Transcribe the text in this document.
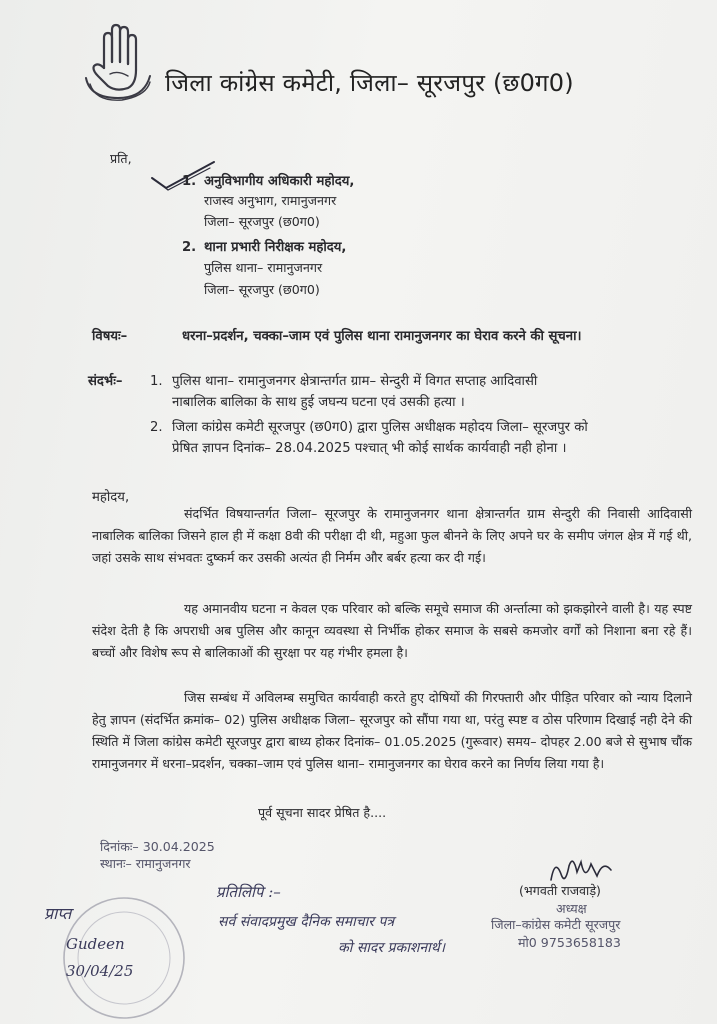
जिला कांग्रेस कमेटी, जिला– सूरजपुर (छ0ग0)
प्रति,
1. अनुविभागीय अधिकारी महोदय,
राजस्व अनुभाग, रामानुजनगर
जिला– सूरजपुर (छ0ग0)
2. थाना प्रभारी निरीक्षक महोदय,
पुलिस थाना– रामानुजनगर
जिला– सूरजपुर (छ0ग0)
विषयः–	धरना–प्रदर्शन, चक्का–जाम एवं पुलिस थाना रामानुजनगर का घेराव करने की सूचना।
संदर्भः– 1. पुलिस थाना– रामानुजनगर क्षेत्रान्तर्गत ग्राम– सेन्दुरी में विगत सप्ताह आदिवासी
नाबालिक बालिका के साथ हुई जघन्य घटना एवं उसकी हत्या ।
2. जिला कांग्रेस कमेटी सूरजपुर (छ0ग0) द्वारा पुलिस अधीक्षक महोदय जिला– सूरजपुर को
प्रेषित ज्ञापन दिनांक– 28.04.2025 पश्चात् भी कोई सार्थक कार्यवाही नही होना ।
महोदय,
संदर्भित विषयान्तर्गत जिला– सूरजपुर के रामानुजनगर थाना क्षेत्रान्तर्गत ग्राम सेन्दुरी की निवासी आदिवासी नाबालिक बालिका जिसने हाल ही में कक्षा 8वी की परीक्षा दी थी, महुआ फुल बीनने के लिए अपने घर के समीप जंगल क्षेत्र में गई थी, जहां उसके साथ संभवतः दुष्कर्म कर उसकी अत्यंत ही निर्मम और बर्बर हत्या कर दी गई।
यह अमानवीय घटना न केवल एक परिवार को बल्कि समूचे समाज की अर्न्तात्मा को झकझोरने वाली है। यह स्पष्ट संदेश देती है कि अपराधी अब पुलिस और कानून व्यवस्था से निर्भीक होकर समाज के सबसे कमजोर वर्गों को निशाना बना रहे हैं। बच्चों और विशेष रूप से बालिकाओं की सुरक्षा पर यह गंभीर हमला है।
जिस सम्बंध में अविलम्ब समुचित कार्यवाही करते हुए दोषियों की गिरफ्तारी और पीड़ित परिवार को न्याय दिलाने हेतु ज्ञापन (संदर्भित क्रमांक– 02) पुलिस अधीक्षक जिला– सूरजपुर को सौंपा गया था, परंतु स्पष्ट व ठोस परिणाम दिखाई नही देने की स्थिति में जिला कांग्रेस कमेटी सूरजपुर द्वारा बाध्य होकर दिनांक– 01.05.2025 (गुरूवार) समय– दोपहर 2.00 बजे से सुभाष चौंक रामानुजनगर में धरना–प्रदर्शन, चक्का–जाम एवं पुलिस थाना– रामानुजनगर का घेराव करने का निर्णय लिया गया है।
पूर्व सूचना सादर प्रेषित है....
दिनांकः– 30.04.2025
स्थानः– रामानुजनगर
प्रतिलिपि :–
सर्व संवादप्रमुख दैनिक समाचार पत्र
को सादर प्रकाशनार्थ।
(भगवती राजवाड़े)
अध्यक्ष
जिला–कांग्रेस कमेटी सूरजपुर
मो0 9753658183
प्राप्त
Gudeen
30/04/25
